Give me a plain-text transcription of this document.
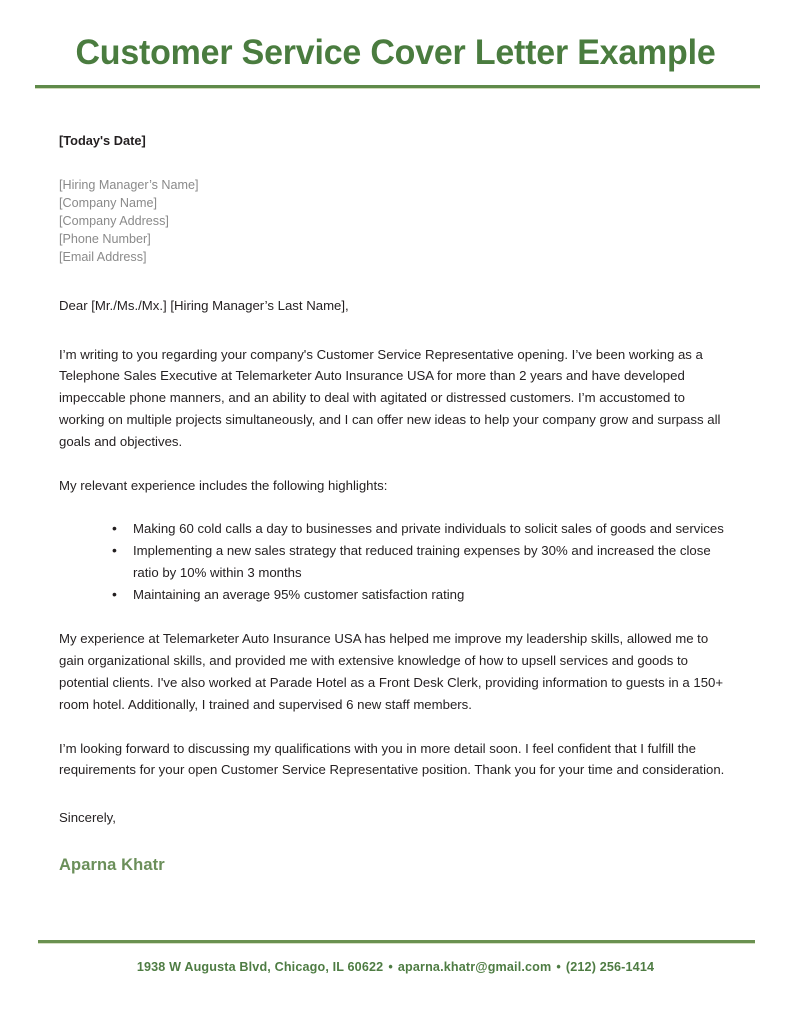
Customer Service Cover Letter Example
[Today's Date]
[Hiring Manager’s Name]
[Company Name]
[Company Address]
[Phone Number]
[Email Address]
Dear [Mr./Ms./Mx.] [Hiring Manager’s Last Name],

I’m writing to you regarding your company's Customer Service Representative opening. I’ve been working as a Telephone Sales Executive at Telemarketer Auto Insurance USA for more than 2 years and have developed impeccable phone manners, and an ability to deal with agitated or distressed customers. I’m accustomed to working on multiple projects simultaneously, and I can offer new ideas to help your company grow and surpass all goals and objectives.

My relevant experience includes the following highlights:

• Making 60 cold calls a day to businesses and private individuals to solicit sales of goods and services
• Implementing a new sales strategy that reduced training expenses by 30% and increased the close ratio by 10% within 3 months
• Maintaining an average 95% customer satisfaction rating

My experience at Telemarketer Auto Insurance USA has helped me improve my leadership skills, allowed me to gain organizational skills, and provided me with extensive knowledge of how to upsell services and goods to potential clients. I've also worked at Parade Hotel as a Front Desk Clerk, providing information to guests in a 150+ room hotel. Additionally, I trained and supervised 6 new staff members.

I’m looking forward to discussing my qualifications with you in more detail soon. I feel confident that I fulfill the requirements for your open Customer Service Representative position. Thank you for your time and consideration.

Sincerely,
Aparna Khatr
1938 W Augusta Blvd, Chicago, IL 60622 • aparna.khatr@gmail.com • (212) 256-1414
